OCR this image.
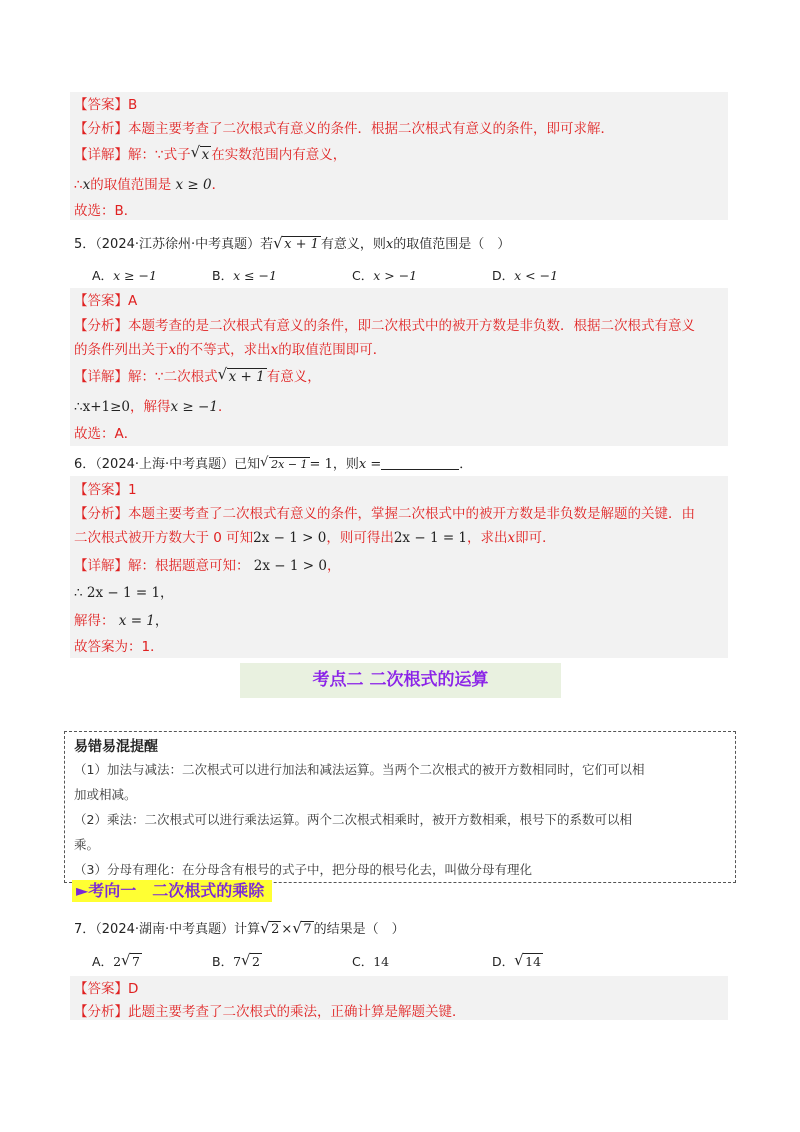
【答案】B
【分析】本题主要考查了二次根式有意义的条件．根据二次根式有意义的条件，即可求解．
【详解】解：∵式子 √ x 在实数范围内有意义，
∴x的取值范围是 x ≥ 0．
故选：B．
5．（2024·江苏徐州·中考真题）若 √ x + 1 有意义，则x的取值范围是（　）
A．x ≥ −1	B．x ≤ −1	C．x > −1	D．x < −1
【答案】A
【分析】本题考查的是二次根式有意义的条件，即二次根式中的被开方数是非负数．根据二次根式有意义
的条件列出关于x的不等式，求出x的取值范围即可．
【详解】解：∵二次根式 √ x + 1 有意义，
∴x+1≥0，解得x ≥ −1．
故选：A．
6．（2024·上海·中考真题）已知 √ 2x − 1 = 1，则x =	．
【答案】1
【分析】本题主要考查了二次根式有意义的条件，掌握二次根式中的被开方数是非负数是解题的关键．由
二次根式被开方数大于 0 可知2x − 1 > 0，则可得出2x − 1 = 1，求出x即可．
【详解】解：根据题意可知： 2x − 1 > 0，
∴ 2x − 1 = 1，
解得： x = 1，
故答案为：1．
考点二 二次根式的运算
易错易混提醒
（1）加法与减法：二次根式可以进行加法和减法运算。当两个二次根式的被开方数相同时，它们可以相
加或相减。
（2）乘法：二次根式可以进行乘法运算。两个二次根式相乘时，被开方数相乘，根号下的系数可以相
乘。
（3）分母有理化：在分母含有根号的式子中，把分母的根号化去，叫做分母有理化
►考向一　二次根式的乘除
7．（2024·湖南·中考真题）计算 √ 2 × √ 7 的结果是（　）
A．2 √ 7	B．7 √ 2	C．14	D． √ 14
【答案】D
【分析】此题主要考查了二次根式的乘法，正确计算是解题关键．
